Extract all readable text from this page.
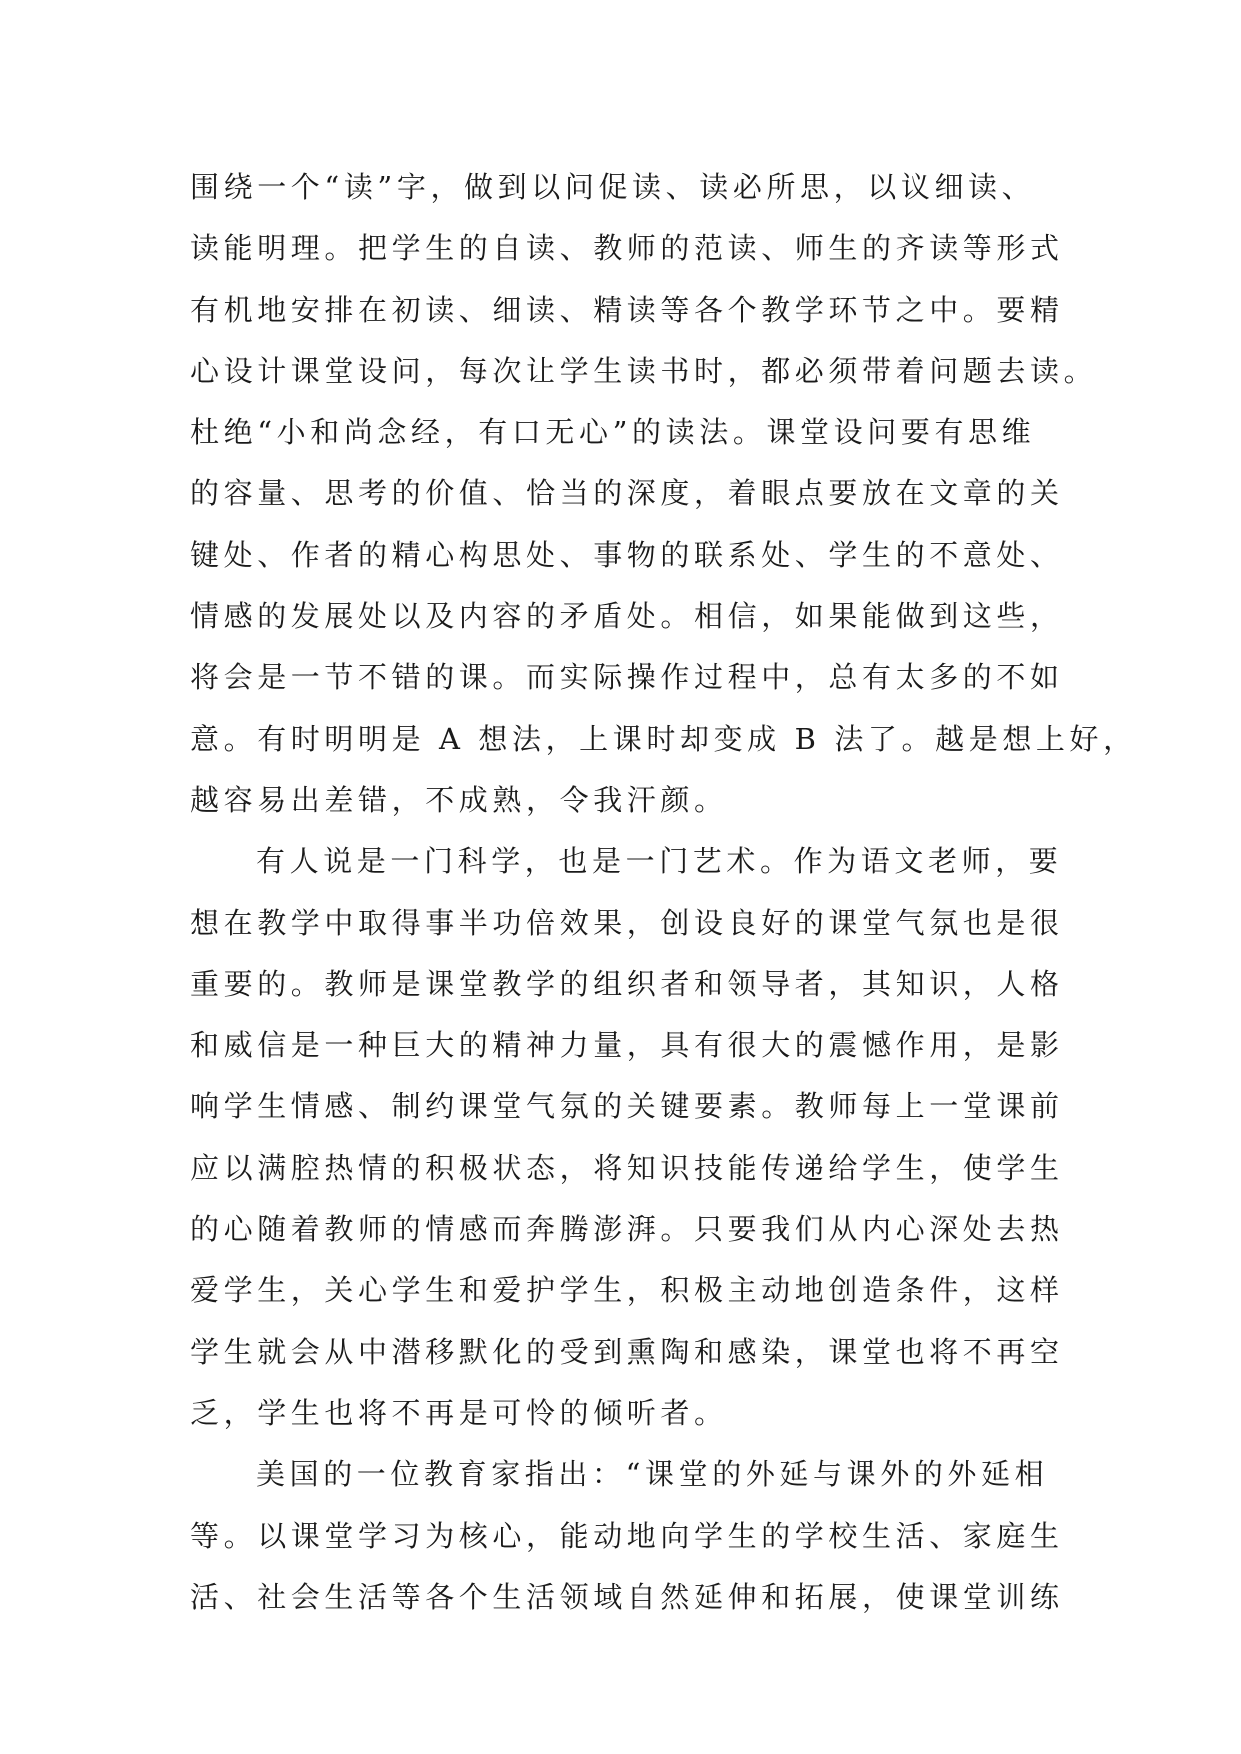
围绕一个“读”字，做到以问促读、读必所思，以议细读、
读能明理。把学生的自读、教师的范读、师生的齐读等形式
有机地安排在初读、细读、精读等各个教学环节之中。要精
心设计课堂设问，每次让学生读书时，都必须带着问题去读。
杜绝“小和尚念经，有口无心”的读法。课堂设问要有思维
的容量、思考的价值、恰当的深度，着眼点要放在文章的关
键处、作者的精心构思处、事物的联系处、学生的不意处、
情感的发展处以及内容的矛盾处。相信，如果能做到这些，
将会是一节不错的课。而实际操作过程中，总有太多的不如
意。有时明明是 A 想法，上课时却变成 B 法了。越是想上好，
越容易出差错，不成熟，令我汗颜。
有人说是一门科学，也是一门艺术。作为语文老师，要
想在教学中取得事半功倍效果，创设良好的课堂气氛也是很
重要的。教师是课堂教学的组织者和领导者，其知识，人格
和威信是一种巨大的精神力量，具有很大的震憾作用，是影
响学生情感、制约课堂气氛的关键要素。教师每上一堂课前
应以满腔热情的积极状态，将知识技能传递给学生，使学生
的心随着教师的情感而奔腾澎湃。只要我们从内心深处去热
爱学生，关心学生和爱护学生，积极主动地创造条件，这样
学生就会从中潜移默化的受到熏陶和感染，课堂也将不再空
乏，学生也将不再是可怜的倾听者。
美国的一位教育家指出：“课堂的外延与课外的外延相
等。以课堂学习为核心，能动地向学生的学校生活、家庭生
活、社会生活等各个生活领域自然延伸和拓展，使课堂训练
